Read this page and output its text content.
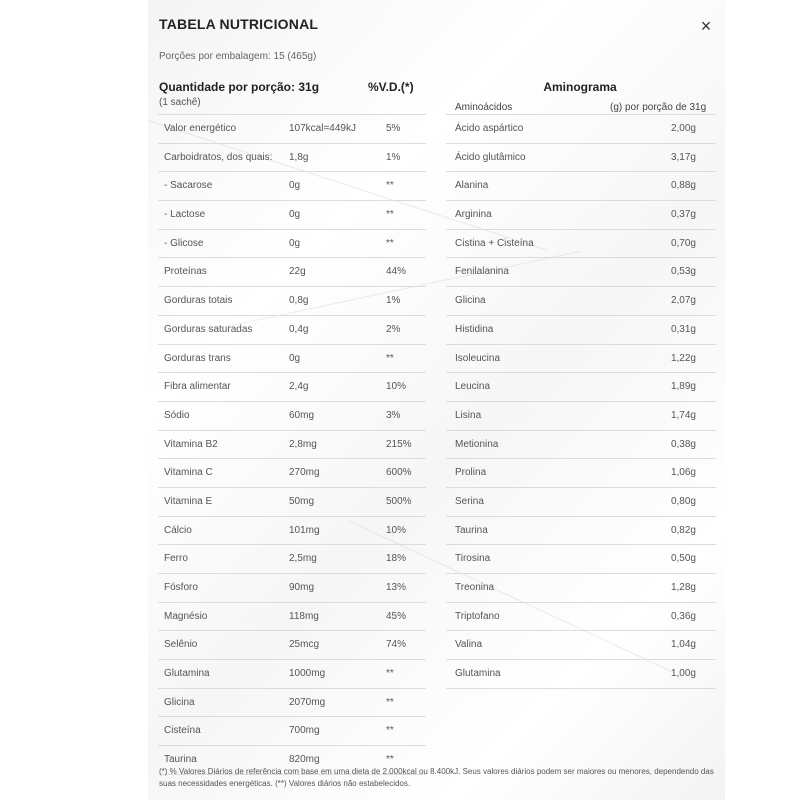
TABELA NUTRICIONAL	×
Porções por embalagem: 15 (465g)
Quantidade por porção: 31g	%V.D.(*)
(1 sachê)
Aminograma
Aminoácidos	(g) por porção de 31g
Valor energético	107kcal=449kJ	5%
Carboidratos, dos quais: 1,8g	1%
- Sacarose	0g	**
- Lactose	0g	**
- Glicose	0g	**
Proteínas	22g	44%
Gorduras totais	0,8g	1%
Gorduras saturadas	0,4g	2%
Gorduras trans	0g	**
Fibra alimentar	2,4g	10%
Sódio	60mg	3%
Vitamina B2	2,8mg	215%
Vitamina C	270mg	600%
Vitamina E	50mg	500%
Cálcio	101mg	10%
Ferro	2,5mg	18%
Fósforo	90mg	13%
Magnésio	118mg	45%
Selênio	25mcg	74%
Glutamina	1000mg	**
Glicina	2070mg	**
Cisteína	700mg	**
Taurina	820mg	**
Ácido aspártico	2,00g
Ácido glutâmico	3,17g
Alanina	0,88g
Arginina	0,37g
Cistina + Cisteína	0,70g
Fenilalanina	0,53g
Glicina	2,07g
Histidina	0,31g
Isoleucina	1,22g
Leucina	1,89g
Lisina	1,74g
Metionina	0,38g
Prolina	1,06g
Serina	0,80g
Taurina	0,82g
Tirosina	0,50g
Treonina	1,28g
Triptofano	0,36g
Valina	1,04g
Glutamina	1,00g
(*) % Valores Diários de referência com base em uma dieta de 2.000kcal ou 8.400kJ. Seus valores diários podem ser maiores ou menores, dependendo das suas necessidades energéticas. (**) Valores diários não estabelecidos.
